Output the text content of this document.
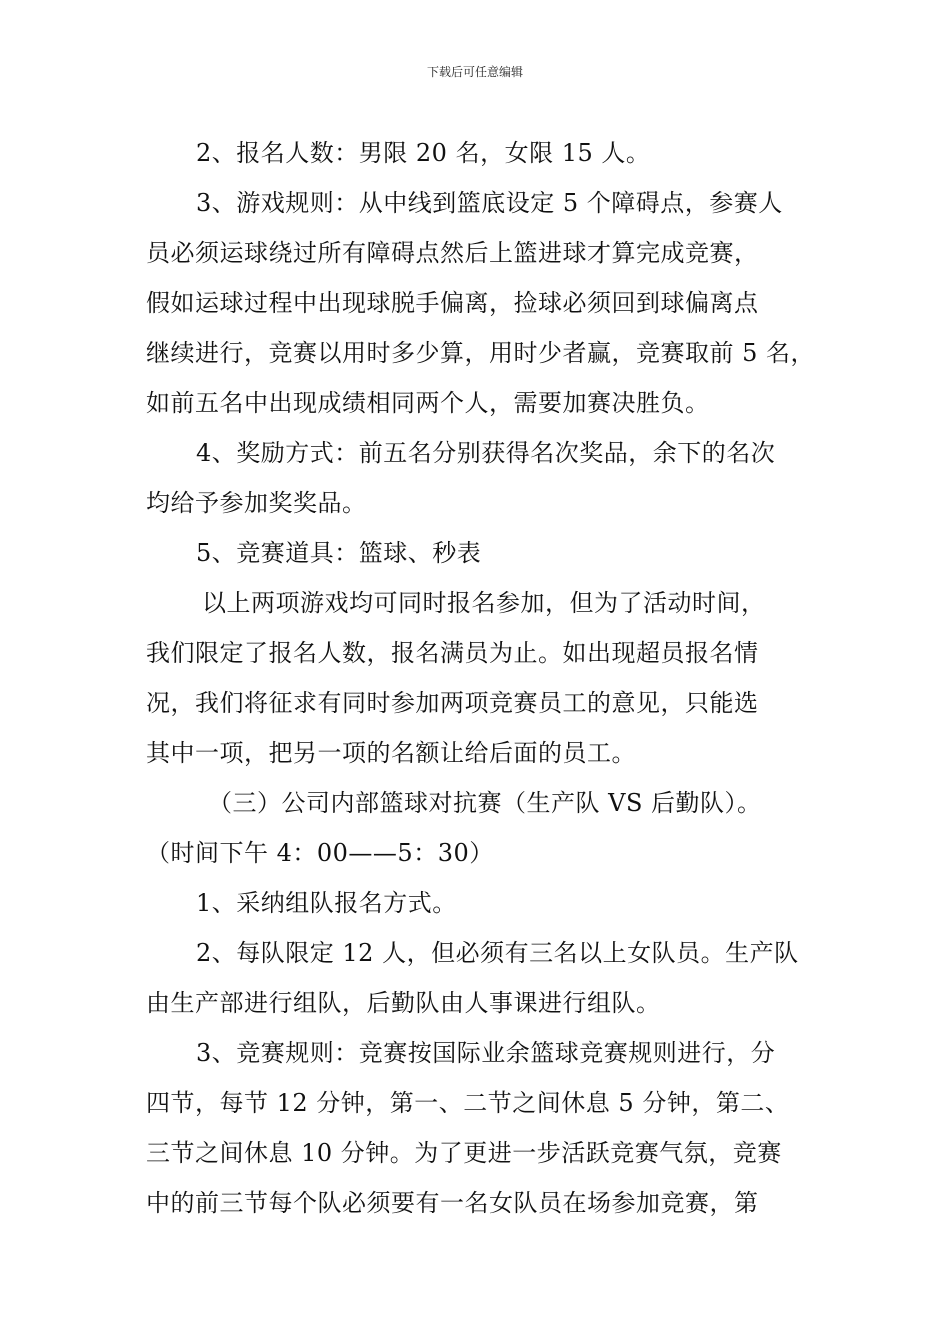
下载后可任意编辑
2、报名人数：男限 20 名，女限 15 人。
3、游戏规则：从中线到篮底设定 5 个障碍点，参赛人
员必须运球绕过所有障碍点然后上篮进球才算完成竞赛，
假如运球过程中出现球脱手偏离，捡球必须回到球偏离点
继续进行，竞赛以用时多少算，用时少者赢，竞赛取前 5 名，
如前五名中出现成绩相同两个人，需要加赛决胜负。
4、奖励方式：前五名分别获得名次奖品，余下的名次
均给予参加奖奖品。
5、竞赛道具：篮球、秒表
以上两项游戏均可同时报名参加，但为了活动时间，
我们限定了报名人数，报名满员为止。如出现超员报名情
况，我们将征求有同时参加两项竞赛员工的意见，只能选
其中一项，把另一项的名额让给后面的员工。
（三）公司内部篮球对抗赛（生产队 VS 后勤队）。
（时间下午 4：00——5：30）
1、采纳组队报名方式。
2、每队限定 12 人，但必须有三名以上女队员。生产队
由生产部进行组队，后勤队由人事课进行组队。
3、竞赛规则：竞赛按国际业余篮球竞赛规则进行，分
四节，每节 12 分钟，第一、二节之间休息 5 分钟，第二、
三节之间休息 10 分钟。为了更进一步活跃竞赛气氛，竞赛
中的前三节每个队必须要有一名女队员在场参加竞赛，第
